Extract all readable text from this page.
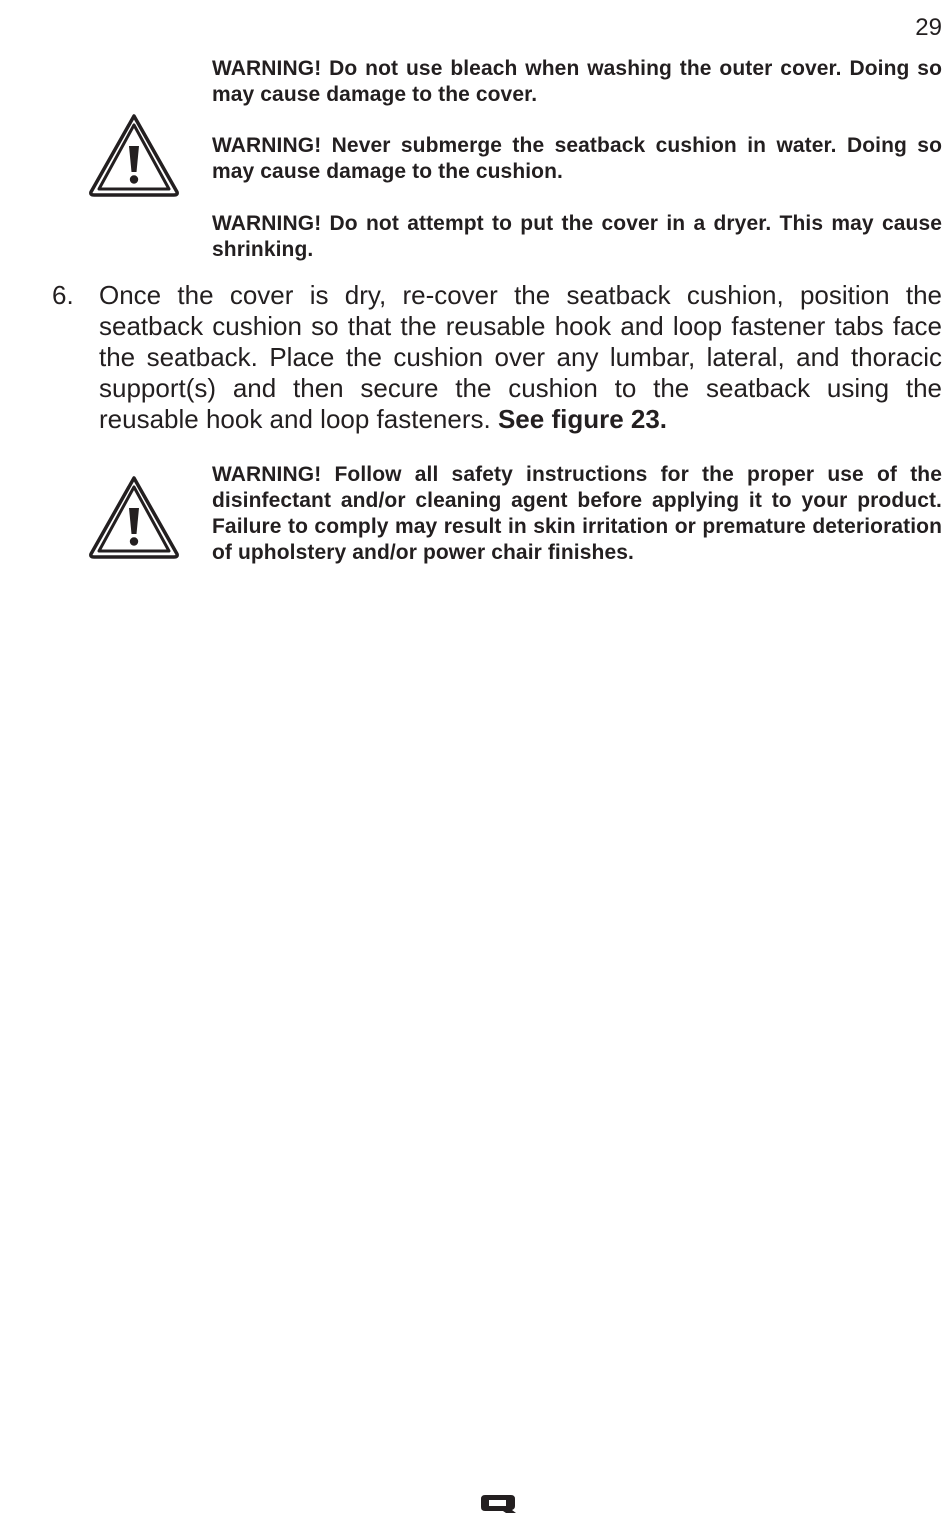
29

WARNING! Do not use bleach when washing the outer cover. Doing so may cause damage to the cover.

WARNING! Never submerge the seatback cushion in water. Doing so may cause damage to the cushion.

WARNING! Do not attempt to put the cover in a dryer. This may cause shrinking.

6. Once the cover is dry, re-cover the seatback cushion, position the seatback cushion so that the reusable hook and loop fastener tabs face the seatback. Place the cushion over any lumbar, lateral, and thoracic support(s) and then secure the cushion to the seatback using the reusable hook and loop fasteners. See figure 23.

WARNING! Follow all safety instructions for the proper use of the disinfectant and/or cleaning agent before applying it to your product. Failure to comply may result in skin irritation or premature deterioration of upholstery and/or power chair finishes.
